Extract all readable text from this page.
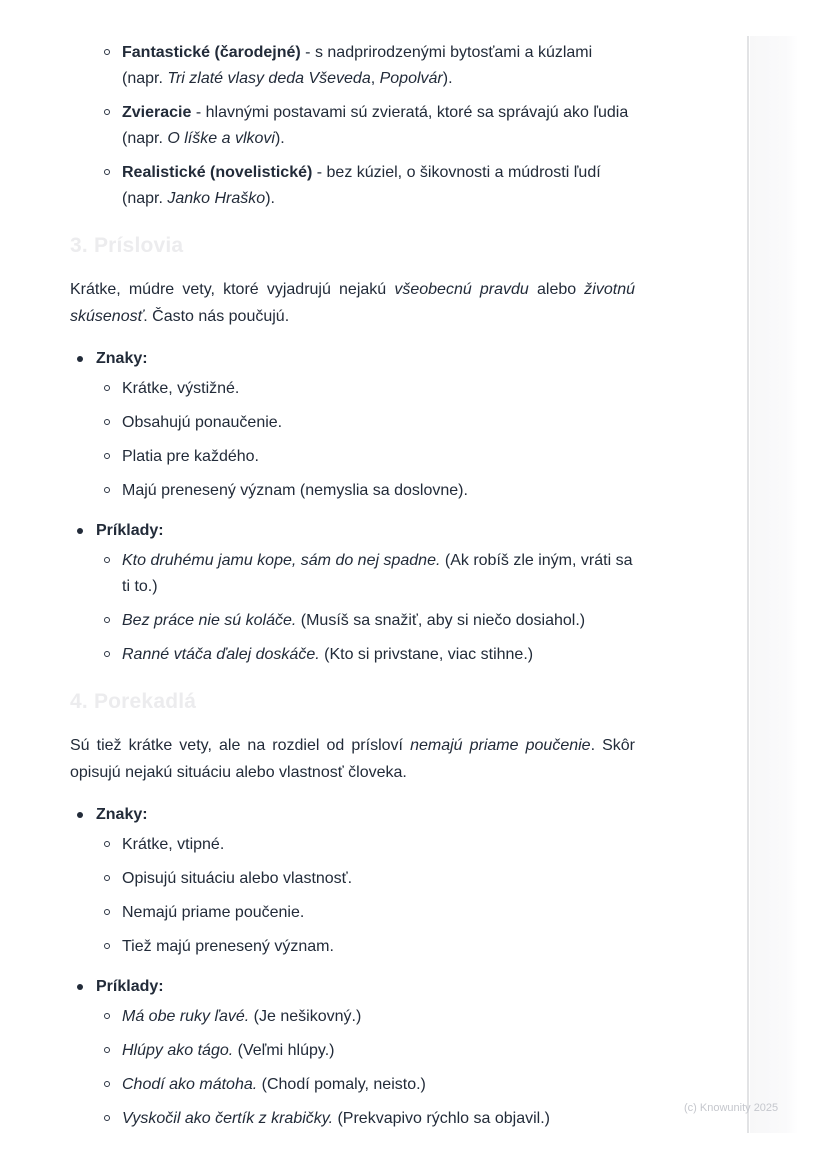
Fantastické (čarodejné) - s nadprirodzenými bytosťami a kúzlami (napr. Tri zlaté vlasy deda Vševeda, Popolvár).
Zvieracie - hlavnými postavami sú zvieratá, ktoré sa správajú ako ľudia (napr. O líške a vlkovi).
Realistické (novelistické) - bez kúziel, o šikovnosti a múdrosti ľudí (napr. Janko Hraško).
3. Príslovia

Krátke, múdre vety, ktoré vyjadrujú nejakú všeobecnú pravdu alebo životnú skúsenosť. Často nás poučujú.

Znaky:
Krátke, výstižné.
Obsahujú ponaučenie.
Platia pre každého.
Majú prenesený význam (nemyslia sa doslovne).
Príklady:
Kto druhému jamu kope, sám do nej spadne. (Ak robíš zle iným, vráti sa ti to.)
Bez práce nie sú koláče. (Musíš sa snažiť, aby si niečo dosiahol.)
Ranné vtáča ďalej doskáče. (Kto si privstane, viac stihne.)
4. Porekadlá

Sú tiež krátke vety, ale na rozdiel od prísloví nemajú priame poučenie. Skôr opisujú nejakú situáciu alebo vlastnosť človeka.

Znaky:
Krátke, vtipné.
Opisujú situáciu alebo vlastnosť.
Nemajú priame poučenie.
Tiež majú prenesený význam.
Príklady:
Má obe ruky ľavé. (Je nešikovný.)
Hlúpy ako tágo. (Veľmi hlúpy.)
Chodí ako mátoha. (Chodí pomaly, neisto.)
Vyskočil ako čertík z krabičky. (Prekvapivo rýchlo sa objavil.)
(c) Knowunity 2025
